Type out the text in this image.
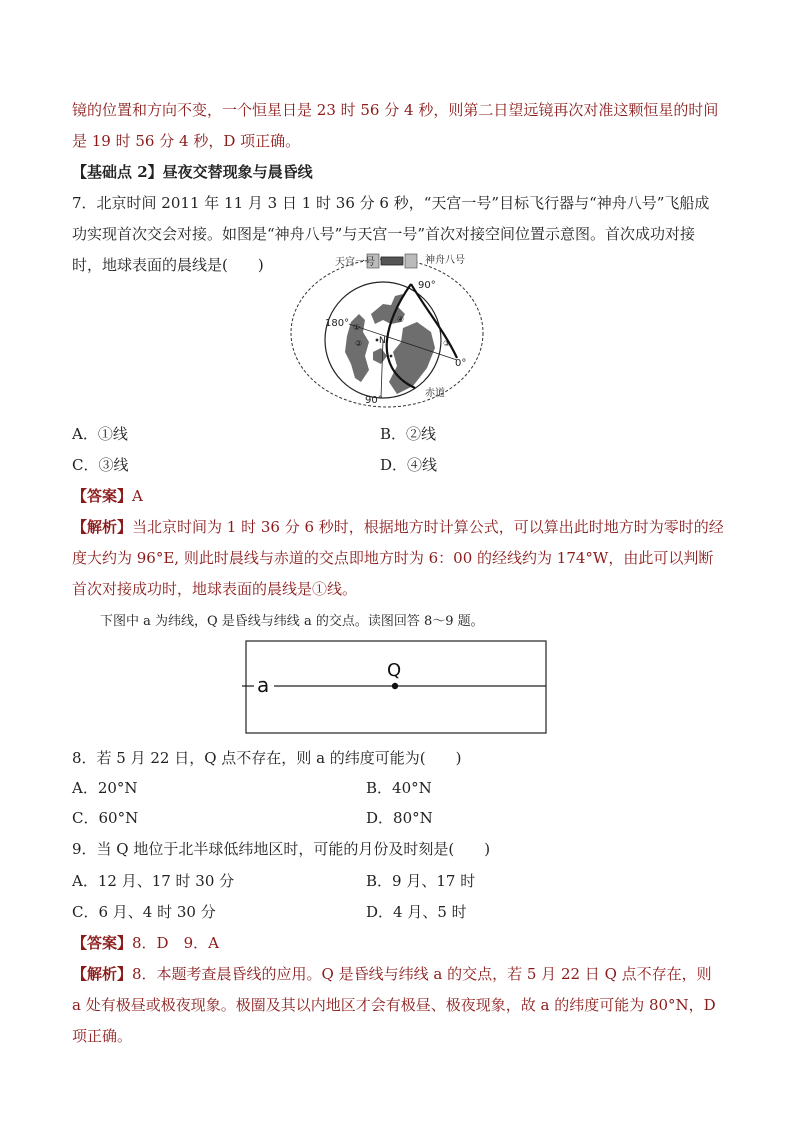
镜的位置和方向不变，一个恒星日是 23 时 56 分 4 秒，则第二日望远镜再次对准这颗恒星的时间是 19 时 56 分 4 秒，D 项正确。
【基础点 2】昼夜交替现象与晨昏线
7．北京时间 2011 年 11 月 3 日 1 时 36 分 6 秒，“天宫一号”目标飞行器与“神舟八号”飞船成功实现首次交会对接。如图是“神舟八号”与天宫一号”首次对接空间位置示意图。首次成功对接时，地球表面的晨线是(　　)	天宫一号	神舟八号
90°
180°
0°
90°
赤道
N
①
②	③
④
A．①线	B．②线
C．③线	D．④线
【答案】A
【解析】当北京时间为 1 时 36 分 6 秒时，根据地方时计算公式，可以算出此时地方时为零时的经度大约为 96°E, 则此时晨线与赤道的交点即地方时为 6：00 的经线约为 174°W，由此可以判断首次对接成功时，地球表面的晨线是①线。
下图中 a 为纬线，Q 是昏线与纬线 a 的交点。读图回答 8～9 题。
a
Q
8．若 5 月 22 日，Q 点不存在，则 a 的纬度可能为(　　)
A．20°N	B．40°N
C．60°N	D．80°N
9．当 Q 地位于北半球低纬地区时，可能的月份及时刻是(　　)
A．12 月、17 时 30 分	B．9 月、17 时
C．6 月、4 时 30 分	D．4 月、5 时
【答案】8．D　9．A
【解析】8．本题考查晨昏线的应用。Q 是昏线与纬线 a 的交点，若 5 月 22 日 Q 点不存在，则 a 处有极昼或极夜现象。极圈及其以内地区才会有极昼、极夜现象，故 a 的纬度可能为 80°N，D 项正确。
